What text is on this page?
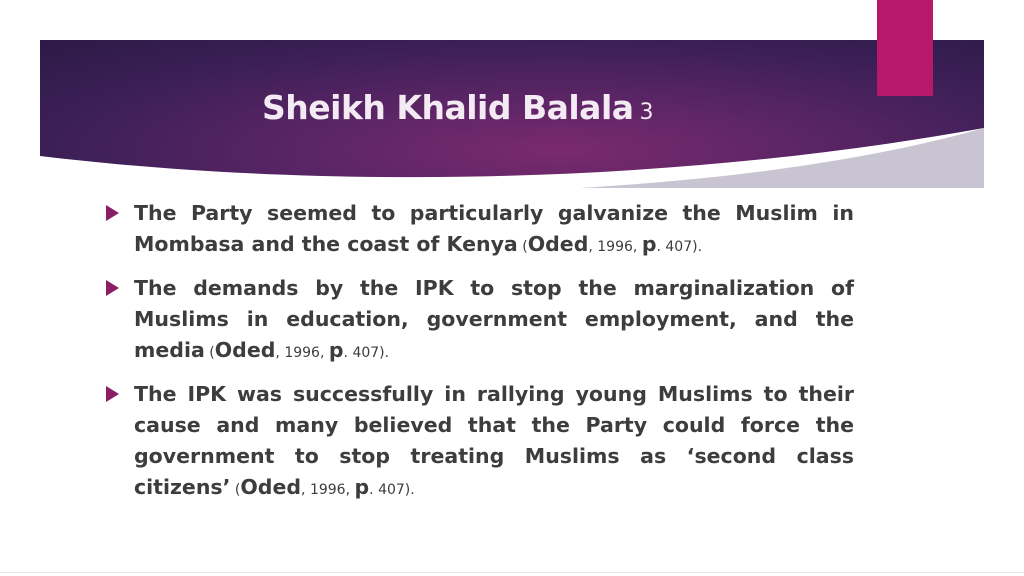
Sheikh Khalid Balala 3
The Party seemed to particularly galvanize the Muslim in Mombasa and the coast of Kenya (Oded, 1996, p. 407).
The demands by the IPK to stop the marginalization of Muslims in education, government employment, and the media (Oded, 1996, p. 407).
The IPK was successfully in rallying young Muslims to their cause and many believed that the Party could force the government to stop treating Muslims as ‘second class citizens’ (Oded, 1996, p. 407).
